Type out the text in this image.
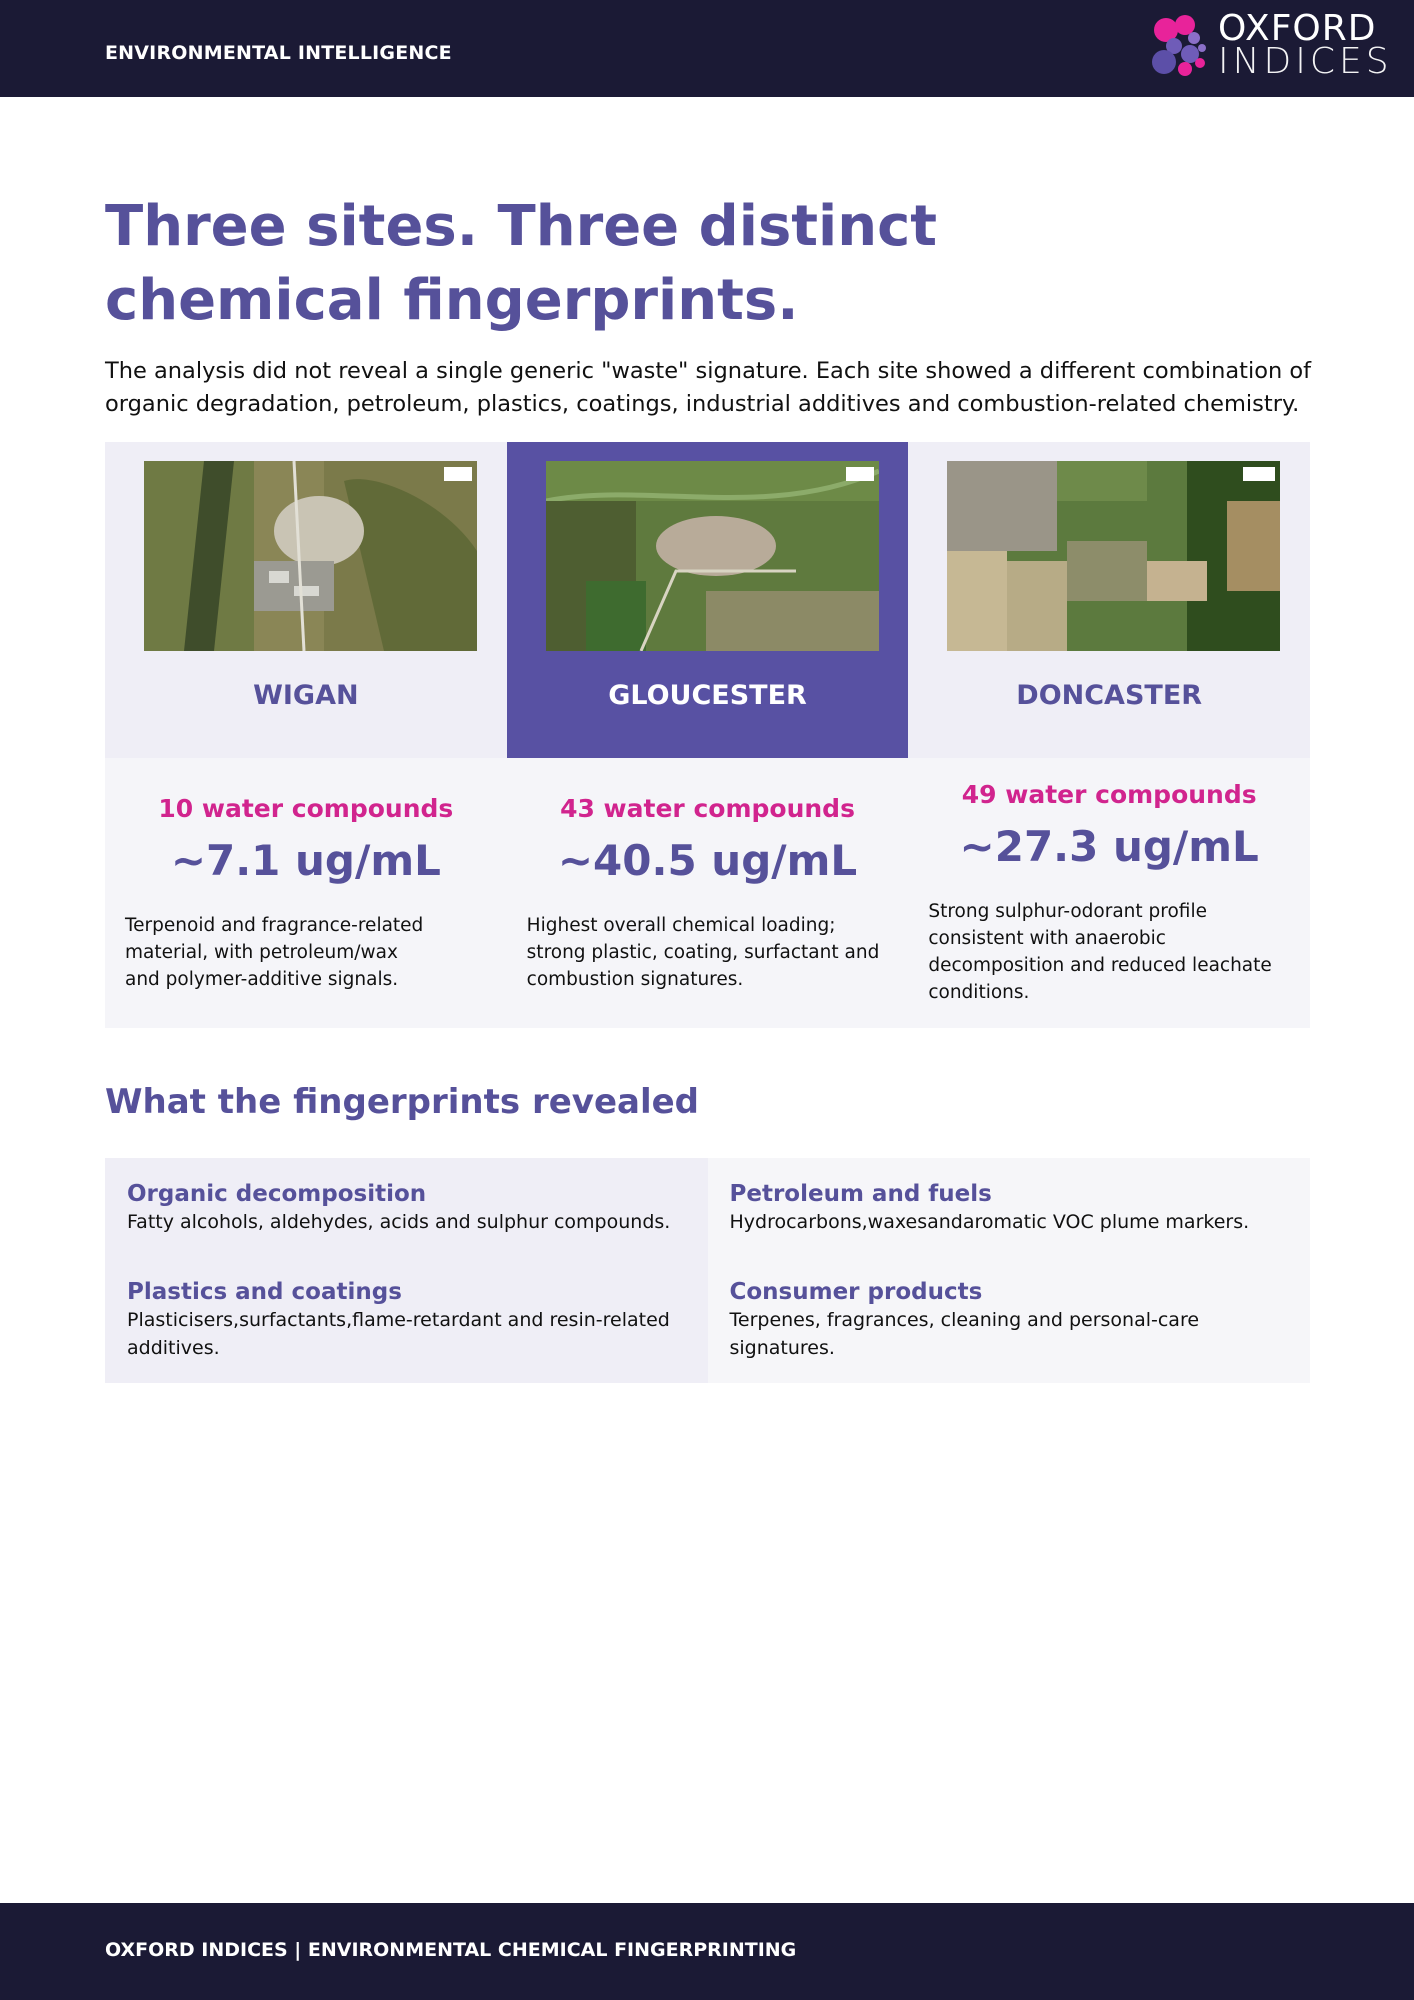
ENVIRONMENTAL INTELLIGENCE
OXFORD
INDICES
Three sites. Three distinct chemical fingerprints.

The analysis did not reveal a single generic "waste" signature. Each site showed a different combination of organic degradation, petroleum, plastics, coatings, industrial additives and combustion-related chemistry.

WIGAN	GLOUCESTER	DONCASTER
10 water compounds
~7.1 ug/mL
Terpenoid and fragrance-related material, with petroleum/wax and polymer-additive signals.
43 water compounds
~40.5 ug/mL
Highest overall chemical loading; strong plastic, coating, surfactant and combustion signatures.
49 water compounds
~27.3 ug/mL
Strong sulphur-odorant profile consistent with anaerobic decomposition and reduced leachate conditions.
What the fingerprints revealed
Organic decomposition
Fatty alcohols, aldehydes, acids and sulphur compounds.
Plastics and coatings
Plasticisers,surfactants,flame-retardant and resin-related additives.
Petroleum and fuels
Hydrocarbons,waxesandaromatic VOC plume markers.
Consumer products
Terpenes, fragrances, cleaning and personal-care signatures.
OXFORD INDICES | ENVIRONMENTAL CHEMICAL FINGERPRINTING
